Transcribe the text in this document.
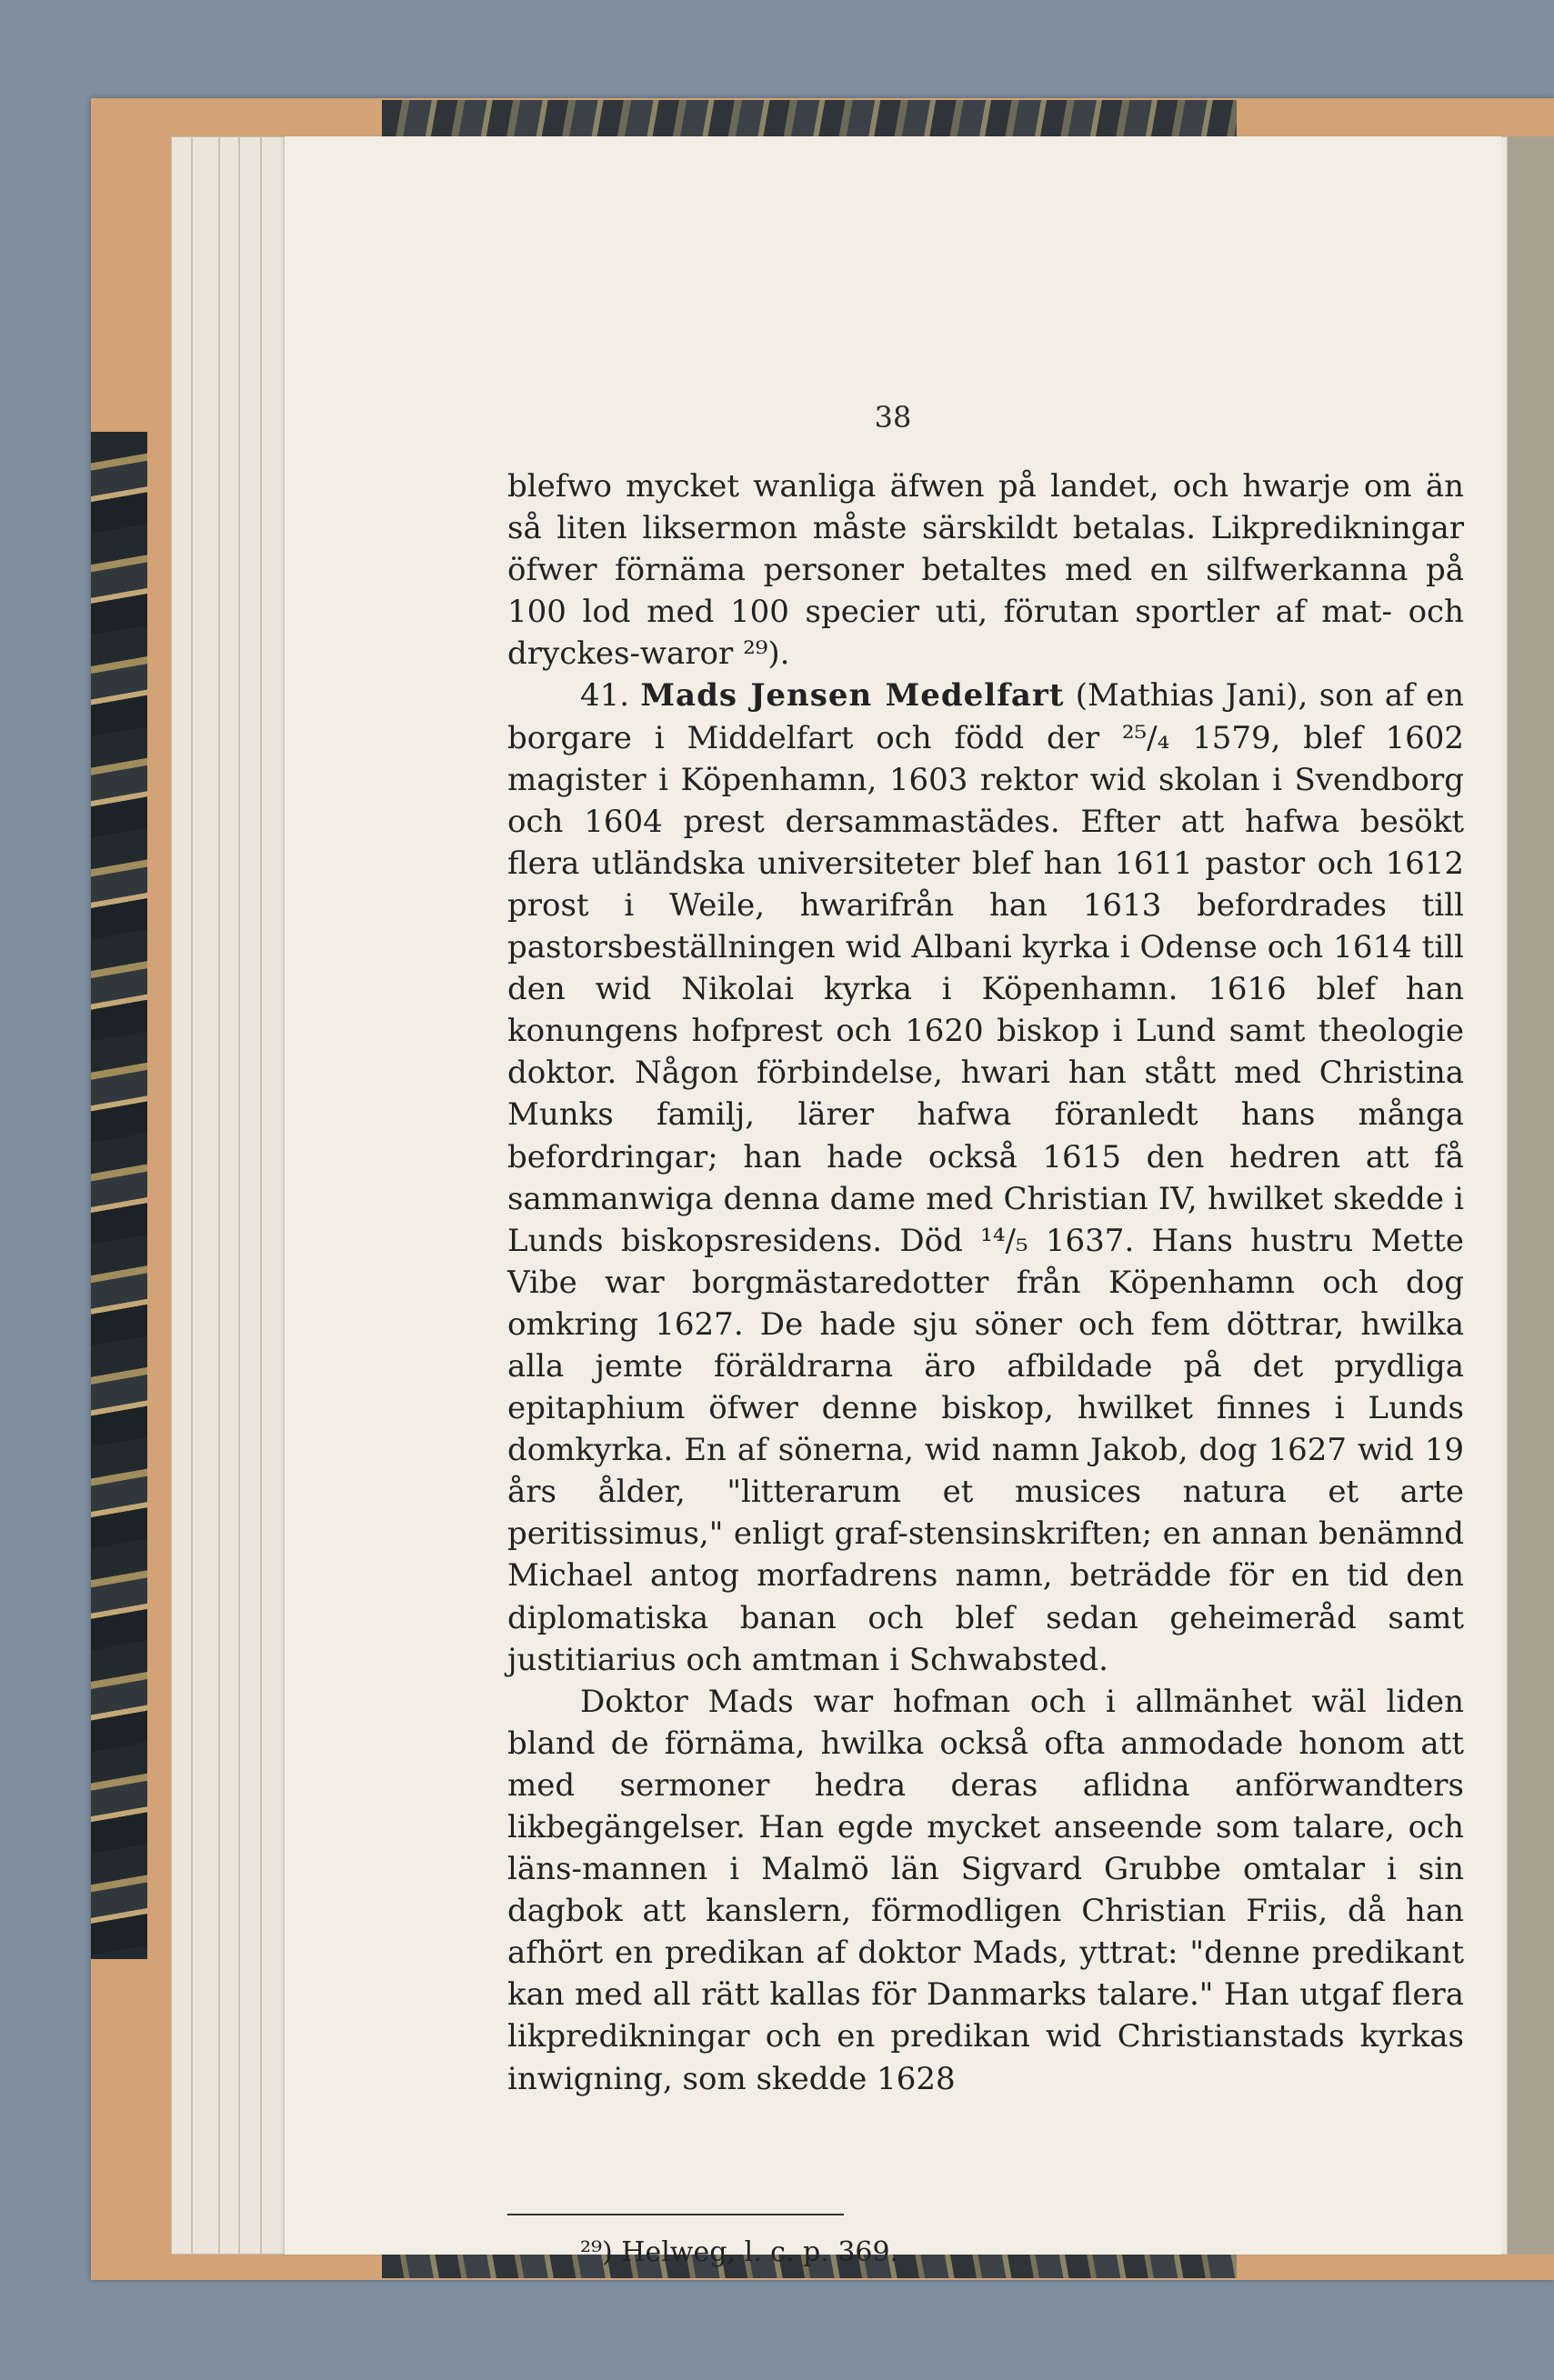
38

blefwo mycket wanliga äfwen på landet, och hwarje om än så liten liksermon måste särskildt betalas. Likpredikningar öfwer förnäma personer betaltes med en silfwerkanna på 100 lod med 100 specier uti, förutan sportler af mat- och dryckes-waror ²⁹).

41. Mads Jensen Medelfart (Mathias Jani), son af en borgare i Middelfart och född der ²⁵/₄ 1579, blef 1602 magister i Köpenhamn, 1603 rektor wid skolan i Svendborg och 1604 prest dersammastädes. Efter att hafwa besökt flera utländska universiteter blef han 1611 pastor och 1612 prost i Weile, hwarifrån han 1613 befordrades till pastorsbeställningen wid Albani kyrka i Odense och 1614 till den wid Nikolai kyrka i Köpenhamn. 1616 blef han konungens hofprest och 1620 biskop i Lund samt theologie doktor. Någon förbindelse, hwari han stått med Christina Munks familj, lärer hafwa föranledt hans många befordringar; han hade också 1615 den hedren att få sammanwiga denna dame med Christian IV, hwilket skedde i Lunds biskopsresidens. Död ¹⁴/₅ 1637. Hans hustru Mette Vibe war borgmästaredotter från Köpenhamn och dog omkring 1627. De hade sju söner och fem döttrar, hwilka alla jemte föräldrarna äro afbildade på det prydliga epitaphium öfwer denne biskop, hwilket finnes i Lunds domkyrka. En af sönerna, wid namn Jakob, dog 1627 wid 19 års ålder, "litterarum et musices natura et arte peritissimus," enligt graf-stensinskriften; en annan benämnd Michael antog morfadrens namn, beträdde för en tid den diplomatiska banan och blef sedan geheimeråd samt justitiarius och amtman i Schwabsted.

Doktor Mads war hofman och i allmänhet wäl liden bland de förnäma, hwilka också ofta anmodade honom att med sermoner hedra deras aflidna anförwandters likbegängelser. Han egde mycket anseende som talare, och läns-mannen i Malmö län Sigvard Grubbe omtalar i sin dagbok att kanslern, förmodligen Christian Friis, då han afhört en predikan af doktor Mads, yttrat: "denne predikant kan med all rätt kallas för Danmarks talare." Han utgaf flera likpredikningar och en predikan wid Christianstads kyrkas inwigning, som skedde 1628

²⁹) Helweg, l. c. p. 369.
